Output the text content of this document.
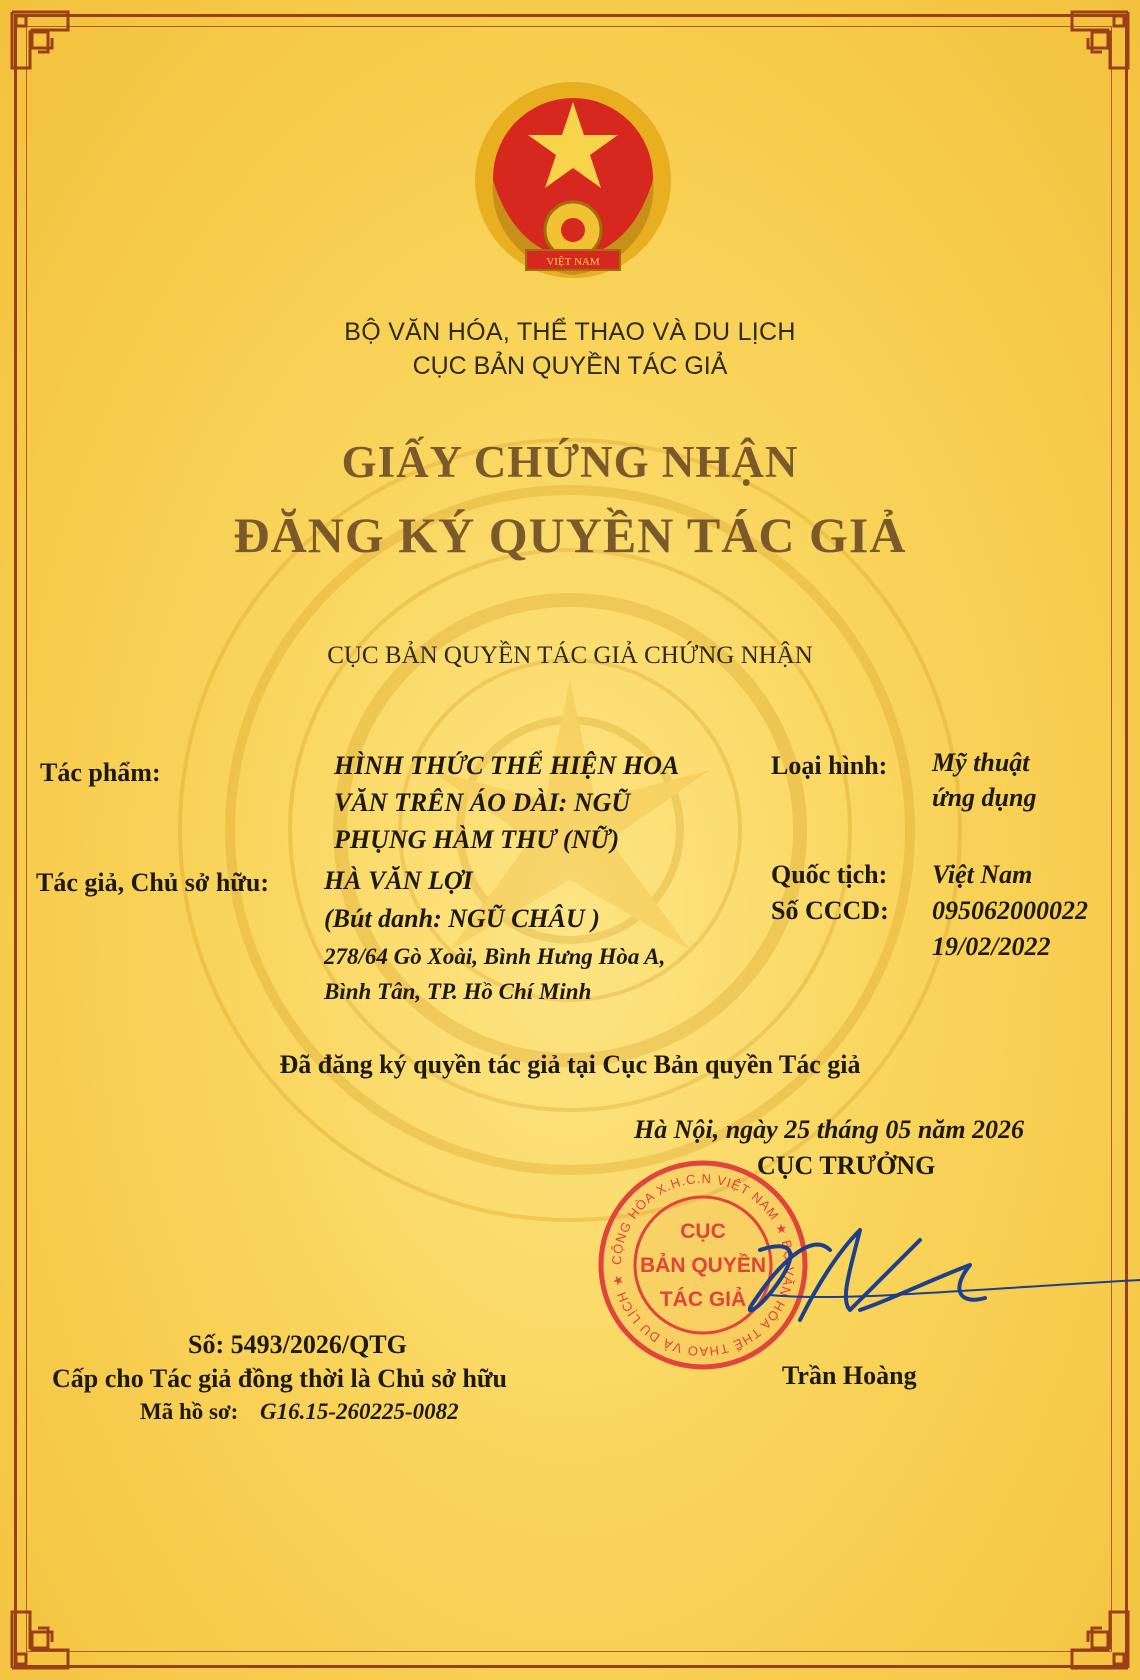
VIỆT NAM
BỘ VĂN HÓA, THỂ THAO VÀ DU LỊCH
CỤC BẢN QUYỀN TÁC GIẢ
GIẤY CHỨNG NHẬN
ĐĂNG KÝ QUYỀN TÁC GIẢ
CỤC BẢN QUYỀN TÁC GIẢ CHỨNG NHẬN
Tác phẩm:	HÌNH THỨC THỂ HIỆN HOA
VĂN TRÊN ÁO DÀI: NGŨ
PHỤNG HÀM THƯ (NỮ)
Loại hình: Mỹ thuật
ứng dụng
Tác giả, Chủ sở hữu: HÀ VĂN LỢI
(Bút danh: NGŨ CHÂU )
278/64 Gò Xoài, Bình Hưng Hòa A,
Bình Tân, TP. Hồ Chí Minh
Quốc tịch: Việt Nam
Số CCCD: 095062000022
19/02/2022
Đã đăng ký quyền tác giả tại Cục Bản quyền Tác giả
Hà Nội, ngày 25 tháng 05 năm 2026
CỤC TRƯỞNG
CỘNG HÒA X.H.C.N VIỆT NAM ★ BỘ VĂN HÓA THỂ THAO VÀ DU LỊCH ★
CỤC
BẢN QUYỀN
TÁC GIẢ
Số: 5493/2026/QTG
Cấp cho Tác giả đồng thời là Chủ sở hữu
Mã hồ sơ: G16.15-260225-0082
Trần Hoàng
